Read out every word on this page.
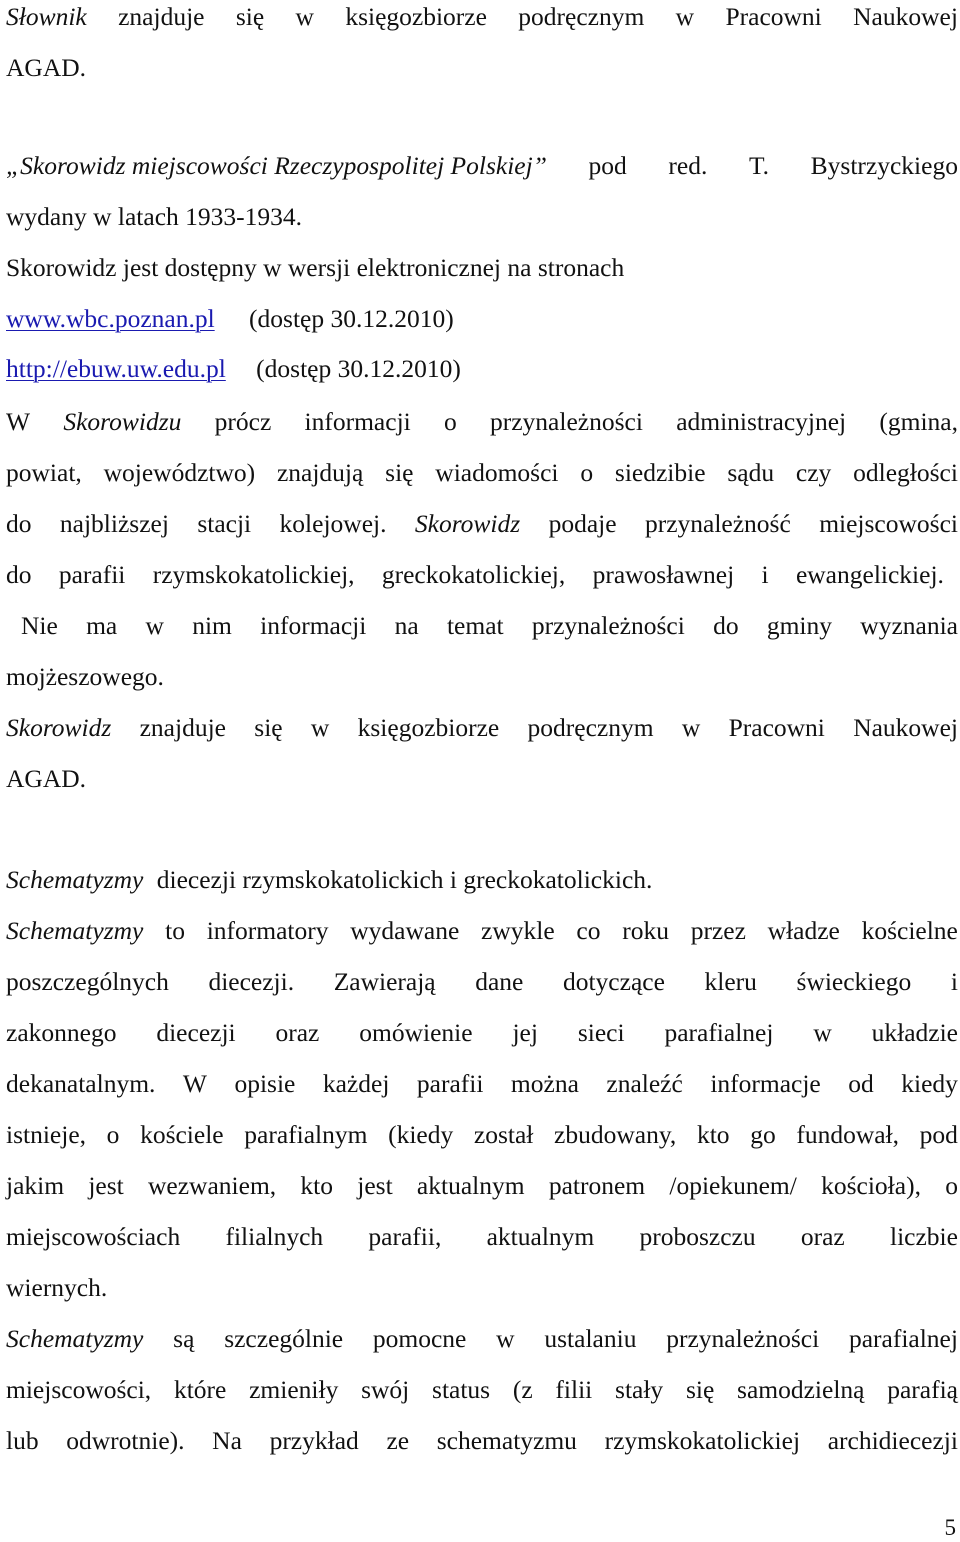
Słownik znajduje się w księgozbiorze podręcznym w Pracowni Naukowej
AGAD.
„Skorowidz miejscowości Rzeczypospolitej Polskiej” pod red. T. Bystrzyckiego
wydany w latach 1933-1934.
Skorowidz jest dostępny w wersji elektronicznej na stronach
www.wbc.poznan.pl (dostęp 30.12.2010)
http://ebuw.uw.edu.pl (dostęp 30.12.2010)
W Skorowidzu prócz informacji o przynależności administracyjnej (gmina,
powiat, województwo) znajdują się wiadomości o siedzibie sądu czy odległości
do najbliższej stacji kolejowej. Skorowidz podaje przynależność miejscowości
do parafii rzymskokatolickiej, greckokatolickiej, prawosławnej i ewangelickiej.
Nie ma w nim informacji na temat przynależności do gminy wyznania
mojżeszowego.
Skorowidz znajduje się w księgozbiorze podręcznym w Pracowni Naukowej
AGAD.
Schematyzmy diecezji rzymskokatolickich i greckokatolickich.
Schematyzmy to informatory wydawane zwykle co roku przez władze kościelne
poszczególnych diecezji. Zawierają dane dotyczące kleru świeckiego i
zakonnego diecezji oraz omówienie jej sieci parafialnej w układzie
dekanatalnym. W opisie każdej parafii można znaleźć informacje od kiedy
istnieje, o kościele parafialnym (kiedy został zbudowany, kto go fundował, pod
jakim jest wezwaniem, kto jest aktualnym patronem /opiekunem/ kościoła), o
miejscowościach filialnych parafii, aktualnym proboszczu oraz liczbie
wiernych.
Schematyzmy są szczególnie pomocne w ustalaniu przynależności parafialnej
miejscowości, które zmieniły swój status (z filii stały się samodzielną parafią
lub odwrotnie). Na przykład ze schematyzmu rzymskokatolickiej archidiecezji
5
